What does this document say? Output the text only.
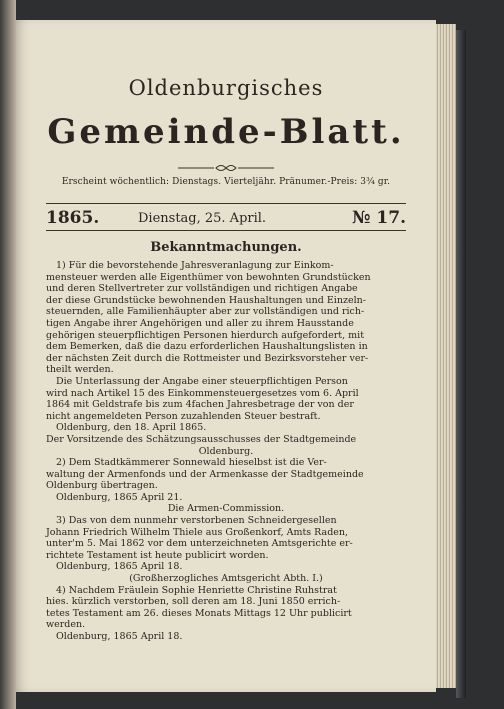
Oldenburgisches
Gemeinde-Blatt.
Erscheint wöchentlich: Dienstags. Vierteljähr. Pränumer.-Preis: 3¾ gr.
1865.	Dienstag, 25. April.	№ 17.
Bekanntmachungen.
1) Für die bevorstehende Jahresveranlagung zur Einkom-
mensteuer werden alle Eigenthümer von bewohnten Grundstücken
und deren Stellvertreter zur vollständigen und richtigen Angabe
der diese Grundstücke bewohnenden Haushaltungen und Einzeln-
steuernden, alle Familienhäupter aber zur vollständigen und rich-
tigen Angabe ihrer Angehörigen und aller zu ihrem Hausstande
gehörigen steuerpflichtigen Personen hierdurch aufgefordert, mit
dem Bemerken, daß die dazu erforderlichen Haushaltungslisten in
der nächsten Zeit durch die Rottmeister und Bezirksvorsteher ver-
theilt werden.
Die Unterlassung der Angabe einer steuerpflichtigen Person
wird nach Artikel 15 des Einkommensteuergesetzes vom 6. April
1864 mit Geldstrafe bis zum 4fachen Jahresbetrage der von der
nicht angemeldeten Person zuzahlenden Steuer bestraft.
Oldenburg, den 18. April 1865.
Der Vorsitzende des Schätzungsausschusses der Stadtgemeinde
Oldenburg.
2) Dem Stadtkämmerer Sonnewald hieselbst ist die Ver-
waltung der Armenfonds und der Armenkasse der Stadtgemeinde
Oldenburg übertragen.
Oldenburg, 1865 April 21.
Die Armen-Commission.
3) Das von dem nunmehr verstorbenen Schneidergesellen
Johann Friedrich Wilhelm Thiele aus Großenkorf, Amts Raden,
unter'm 5. Mai 1862 vor dem unterzeichneten Amtsgerichte er-
richtete Testament ist heute publicirt worden.
Oldenburg, 1865 April 18.
(Großherzogliches Amtsgericht Abth. I.)
4) Nachdem Fräulein Sophie Henriette Christine Ruhstrat
hies. kürzlich verstorben, soll deren am 18. Juni 1850 errich-
tetes Testament am 26. dieses Monats Mittags 12 Uhr publicirt
werden.
Oldenburg, 1865 April 18.
